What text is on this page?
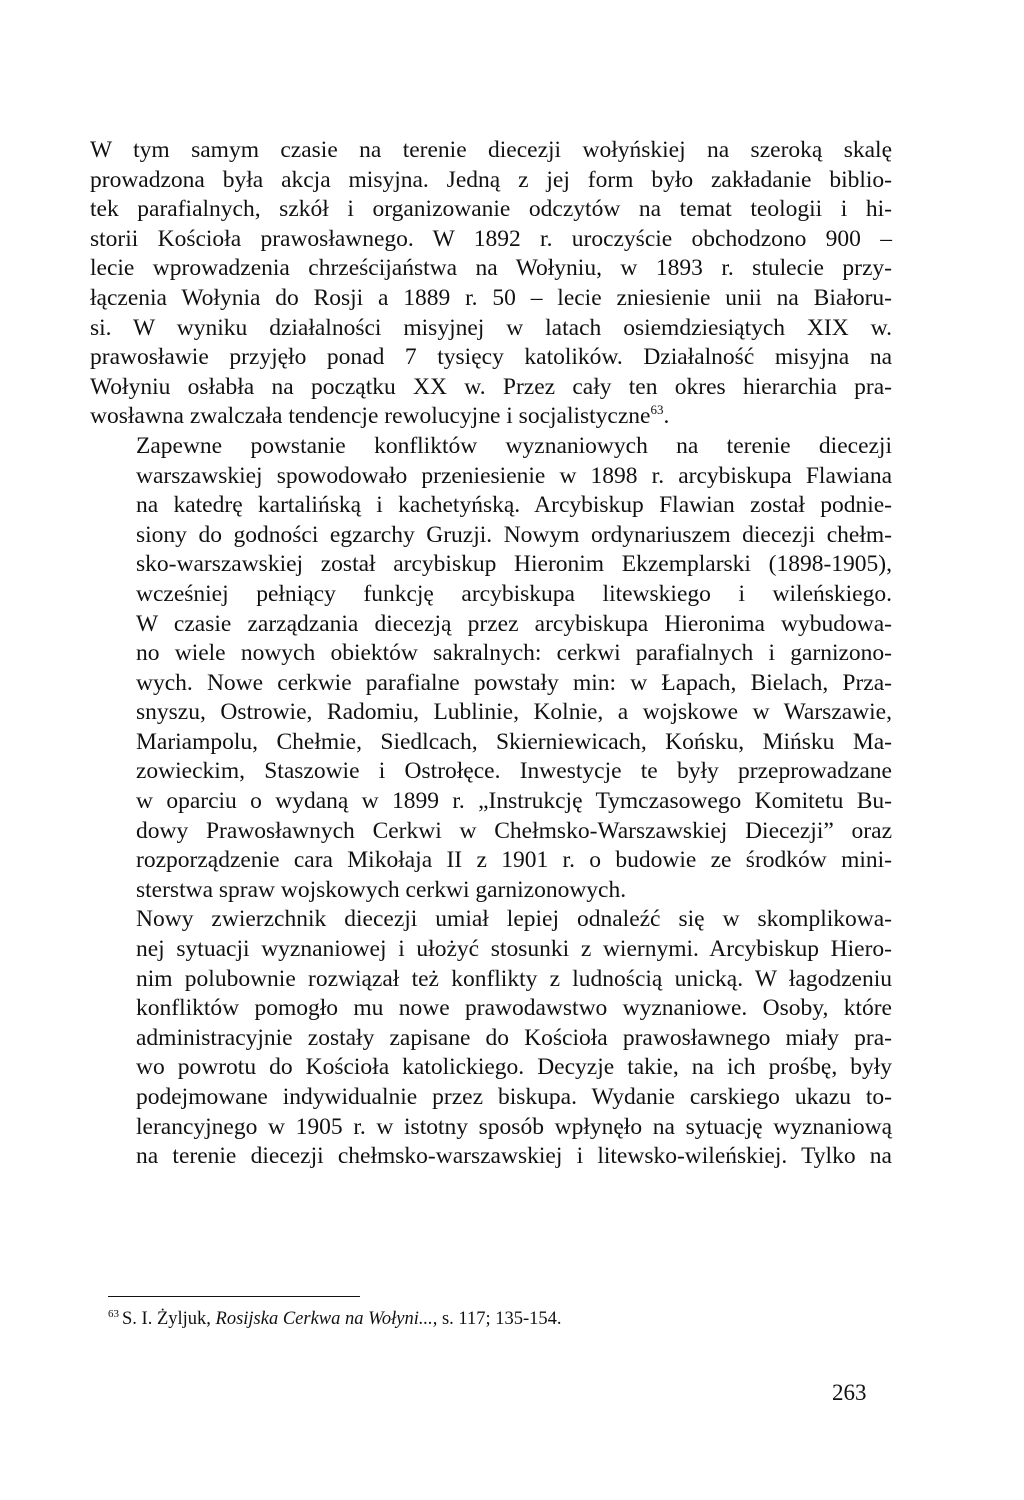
W tym samym czasie na terenie diecezji wołyńskiej na szeroką skalę
prowadzona była akcja misyjna. Jedną z jej form było zakładanie biblio-
tek parafialnych, szkół i organizowanie odczytów na temat teologii i hi-
storii Kościoła prawosławnego. W 1892 r. uroczyście obchodzono 900 –
lecie wprowadzenia chrześcijaństwa na Wołyniu, w 1893 r. stulecie przy-
łączenia Wołynia do Rosji a 1889 r. 50 – lecie zniesienie unii na Białoru-
si. W wyniku działalności misyjnej w latach osiemdziesiątych XIX w.
prawosławie przyjęło ponad 7 tysięcy katolików. Działalność misyjna na
Wołyniu osłabła na początku XX w. Przez cały ten okres hierarchia pra-
wosławna zwalczała tendencje rewolucyjne i socjalistyczne$^{63}$.

Zapewne powstanie konfliktów wyznaniowych na terenie diecezji
warszawskiej spowodowało przeniesienie w 1898 r. arcybiskupa Flawiana
na katedrę kartalińską i kachetyńską. Arcybiskup Flawian został podnie-
siony do godności egzarchy Gruzji. Nowym ordynariuszem diecezji chełm-
sko-warszawskiej został arcybiskup Hieronim Ekzemplarski (1898-1905),
wcześniej pełniący funkcję arcybiskupa litewskiego i wileńskiego.
W czasie zarządzania diecezją przez arcybiskupa Hieronima wybudowa-
no wiele nowych obiektów sakralnych: cerkwi parafialnych i garnizono-
wych. Nowe cerkwie parafialne powstały min: w Łapach, Bielach, Prza-
snyszu, Ostrowie, Radomiu, Lublinie, Kolnie, a wojskowe w Warszawie,
Mariampolu, Chełmie, Siedlcach, Skierniewicach, Końsku, Mińsku Ma-
zowieckim, Staszowie i Ostrołęce. Inwestycje te były przeprowadzane
w oparciu o wydaną w 1899 r. „Instrukcję Tymczasowego Komitetu Bu-
dowy Prawosławnych Cerkwi w Chełmsko-Warszawskiej Diecezji” oraz
rozporządzenie cara Mikołaja II z 1901 r. o budowie ze środków mini-
sterstwa spraw wojskowych cerkwi garnizonowych.

Nowy zwierzchnik diecezji umiał lepiej odnaleźć się w skomplikowa-
nej sytuacji wyznaniowej i ułożyć stosunki z wiernymi. Arcybiskup Hiero-
nim polubownie rozwiązał też konflikty z ludnością unicką. W łagodzeniu
konfliktów pomogło mu nowe prawodawstwo wyznaniowe. Osoby, które
administracyjnie zostały zapisane do Kościoła prawosławnego miały pra-
wo powrotu do Kościoła katolickiego. Decyzje takie, na ich prośbę, były
podejmowane indywidualnie przez biskupa. Wydanie carskiego ukazu to-
lerancyjnego w 1905 r. w istotny sposób wpłynęło na sytuację wyznaniową
na terenie diecezji chełmsko-warszawskiej i litewsko-wileńskiej. Tylko na

$^{63}$ S. I. Żyljuk, Rosijska Cerkwa na Wołyni..., s. 117; 135-154.
263
